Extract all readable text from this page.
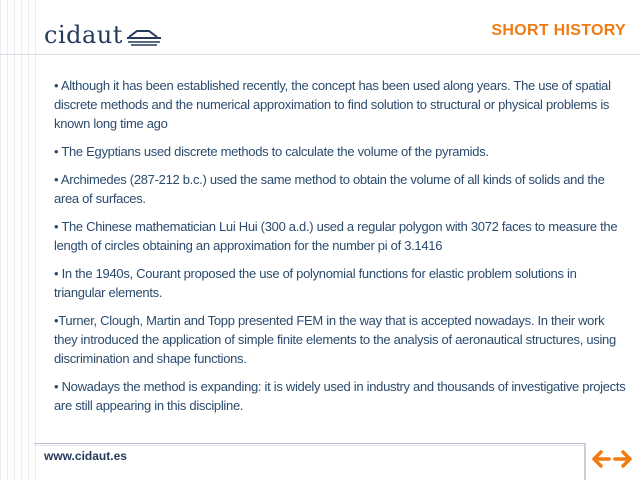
cidaut	SHORT HISTORY

• Although it has been established recently, the concept has been used along years. The use of spatial discrete methods and the numerical approximation to find solution to structural or physical problems is known long time ago

• The Egyptians used discrete methods to calculate the volume of the pyramids.

• Archimedes (287-212 b.c.) used the same method to obtain the volume of all kinds of solids and the area of surfaces.

• The Chinese mathematician Lui Hui (300 a.d.) used a regular polygon with 3072 faces to measure the length of circles obtaining an approximation for the number pi of 3.1416

• In the 1940s, Courant proposed the use of polynomial functions for elastic problem solutions in triangular elements.

•Turner, Clough, Martin and Topp presented FEM in the way that is accepted nowadays. In their work they introduced the application of simple finite elements to the analysis of aeronautical structures, using discrimination and shape functions.

• Nowadays the method is expanding: it is widely used in industry and thousands of investigative projects are still appearing in this discipline.

www.cidaut.es
